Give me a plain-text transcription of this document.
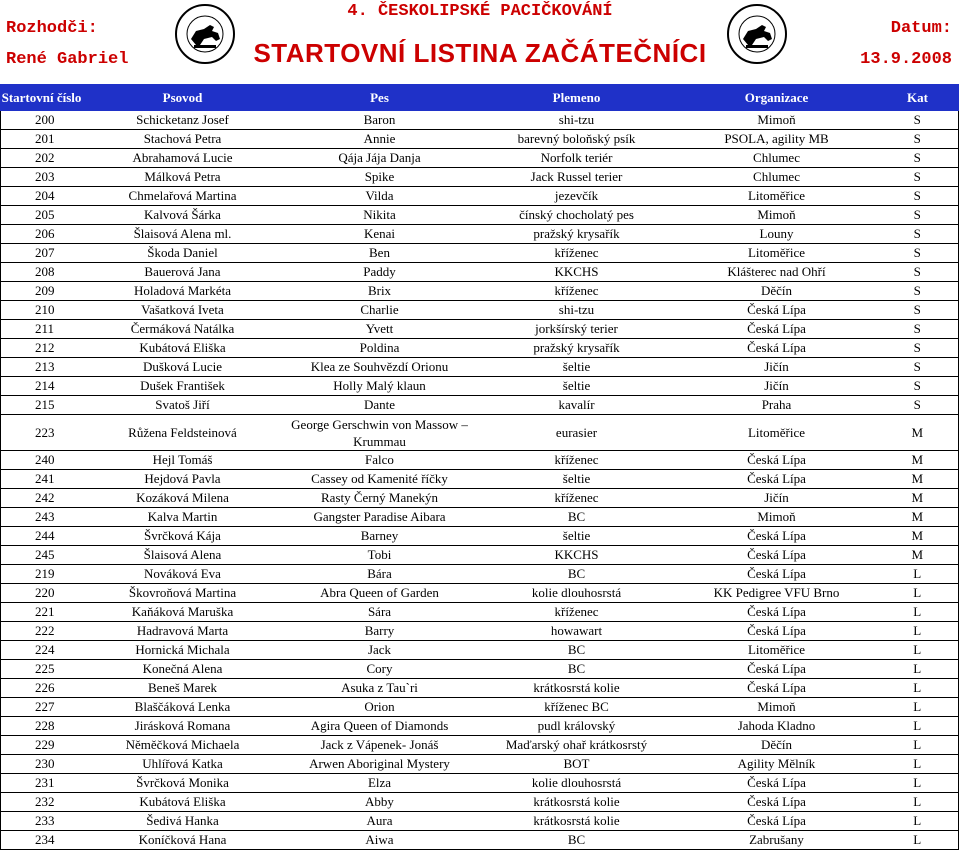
4. ČESKOLIPSKÉ PACIČKOVÁNÍ
Rozhodči:
René Gabriel
Datum:
13.9.2008
STARTOVNÍ LISTINA ZAČÁTEČNÍCI
Startovní číslo	Psovod	Pes	Plemeno	Organizace	Kat
200	Schicketanz Josef	Baron	shi-tzu	Mimoň	S
201	Stachová Petra	Annie	barevný boloňský psík	PSOLA, agility MB	S
202	Abrahamová Lucie	Qája Jája Danja	Norfolk teriér	Chlumec	S
203	Málková Petra	Spike	Jack Russel terier	Chlumec	S
204	Chmelařová Martina	Vilda	jezevčík	Litoměřice	S
205	Kalvová Šárka	Nikita	čínský chocholatý pes	Mimoň	S
206	Šlaisová Alena ml.	Kenai	pražský krysařík	Louny	S
207	Škoda Daniel	Ben	kříženec	Litoměřice	S
208	Bauerová Jana	Paddy	KKCHS	Klášterec nad Ohří	S
209	Holadová Markéta	Brix	kříženec	Děčín	S
210	Vašatková Iveta	Charlie	shi-tzu	Česká Lípa	S
211	Čermáková Natálka	Yvett	jorkšírský terier	Česká Lípa	S
212	Kubátová Eliška	Poldina	pražský krysařík	Česká Lípa	S
213	Dušková Lucie	Klea ze Souhvězdí Orionu	šeltie	Jičín	S
214	Dušek František	Holly Malý klaun	šeltie	Jičín	S
215	Svatoš Jiří	Dante	kavalír	Praha	S
223	Růžena Feldsteinová	George Gerschwin von Massow – Krummau	eurasier	Litoměřice	M
240	Hejl Tomáš	Falco	kříženec	Česká Lípa	M
241	Hejdová Pavla	Cassey od Kamenité říčky	šeltie	Česká Lípa	M
242	Kozáková Milena	Rasty Černý Manekýn	kříženec	Jičín	M
243	Kalva Martin	Gangster Paradise Aibara	BC	Mimoň	M
244	Švrčková Kája	Barney	šeltie	Česká Lípa	M
245	Šlaisová Alena	Tobi	KKCHS	Česká Lípa	M
219	Nováková Eva	Bára	BC	Česká Lípa	L
220	Škovroňová Martina	Abra Queen of Garden	kolie dlouhosrstá	KK Pedigree VFU Brno	L
221	Kaňáková Maruška	Sára	kříženec	Česká Lípa	L
222	Hadravová Marta	Barry	howawart	Česká Lípa	L
224	Hornická Michala	Jack	BC	Litoměřice	L
225	Konečná Alena	Cory	BC	Česká Lípa	L
226	Beneš Marek	Asuka z Tau`ri	krátkosrstá kolie	Česká Lípa	L
227	Blaščáková Lenka	Orion	kříženec BC	Mimoň	L
228	Jirásková Romana	Agira Queen of Diamonds	pudl královský	Jahoda Kladno	L
229	Něměčková Michaela	Jack z Vápenek- Jonáš	Maďarský ohař krátkosrstý	Děčín	L
230	Uhlířová Katka	Arwen Aboriginal Mystery	BOT	Agility Mělník	L
231	Švrčková Monika	Elza	kolie dlouhosrstá	Česká Lípa	L
232	Kubátová Eliška	Abby	krátkosrstá kolie	Česká Lípa	L
233	Šedivá Hanka	Aura	krátkosrstá kolie	Česká Lípa	L
234	Koníčková Hana	Aiwa	BC	Zabrušany	L
